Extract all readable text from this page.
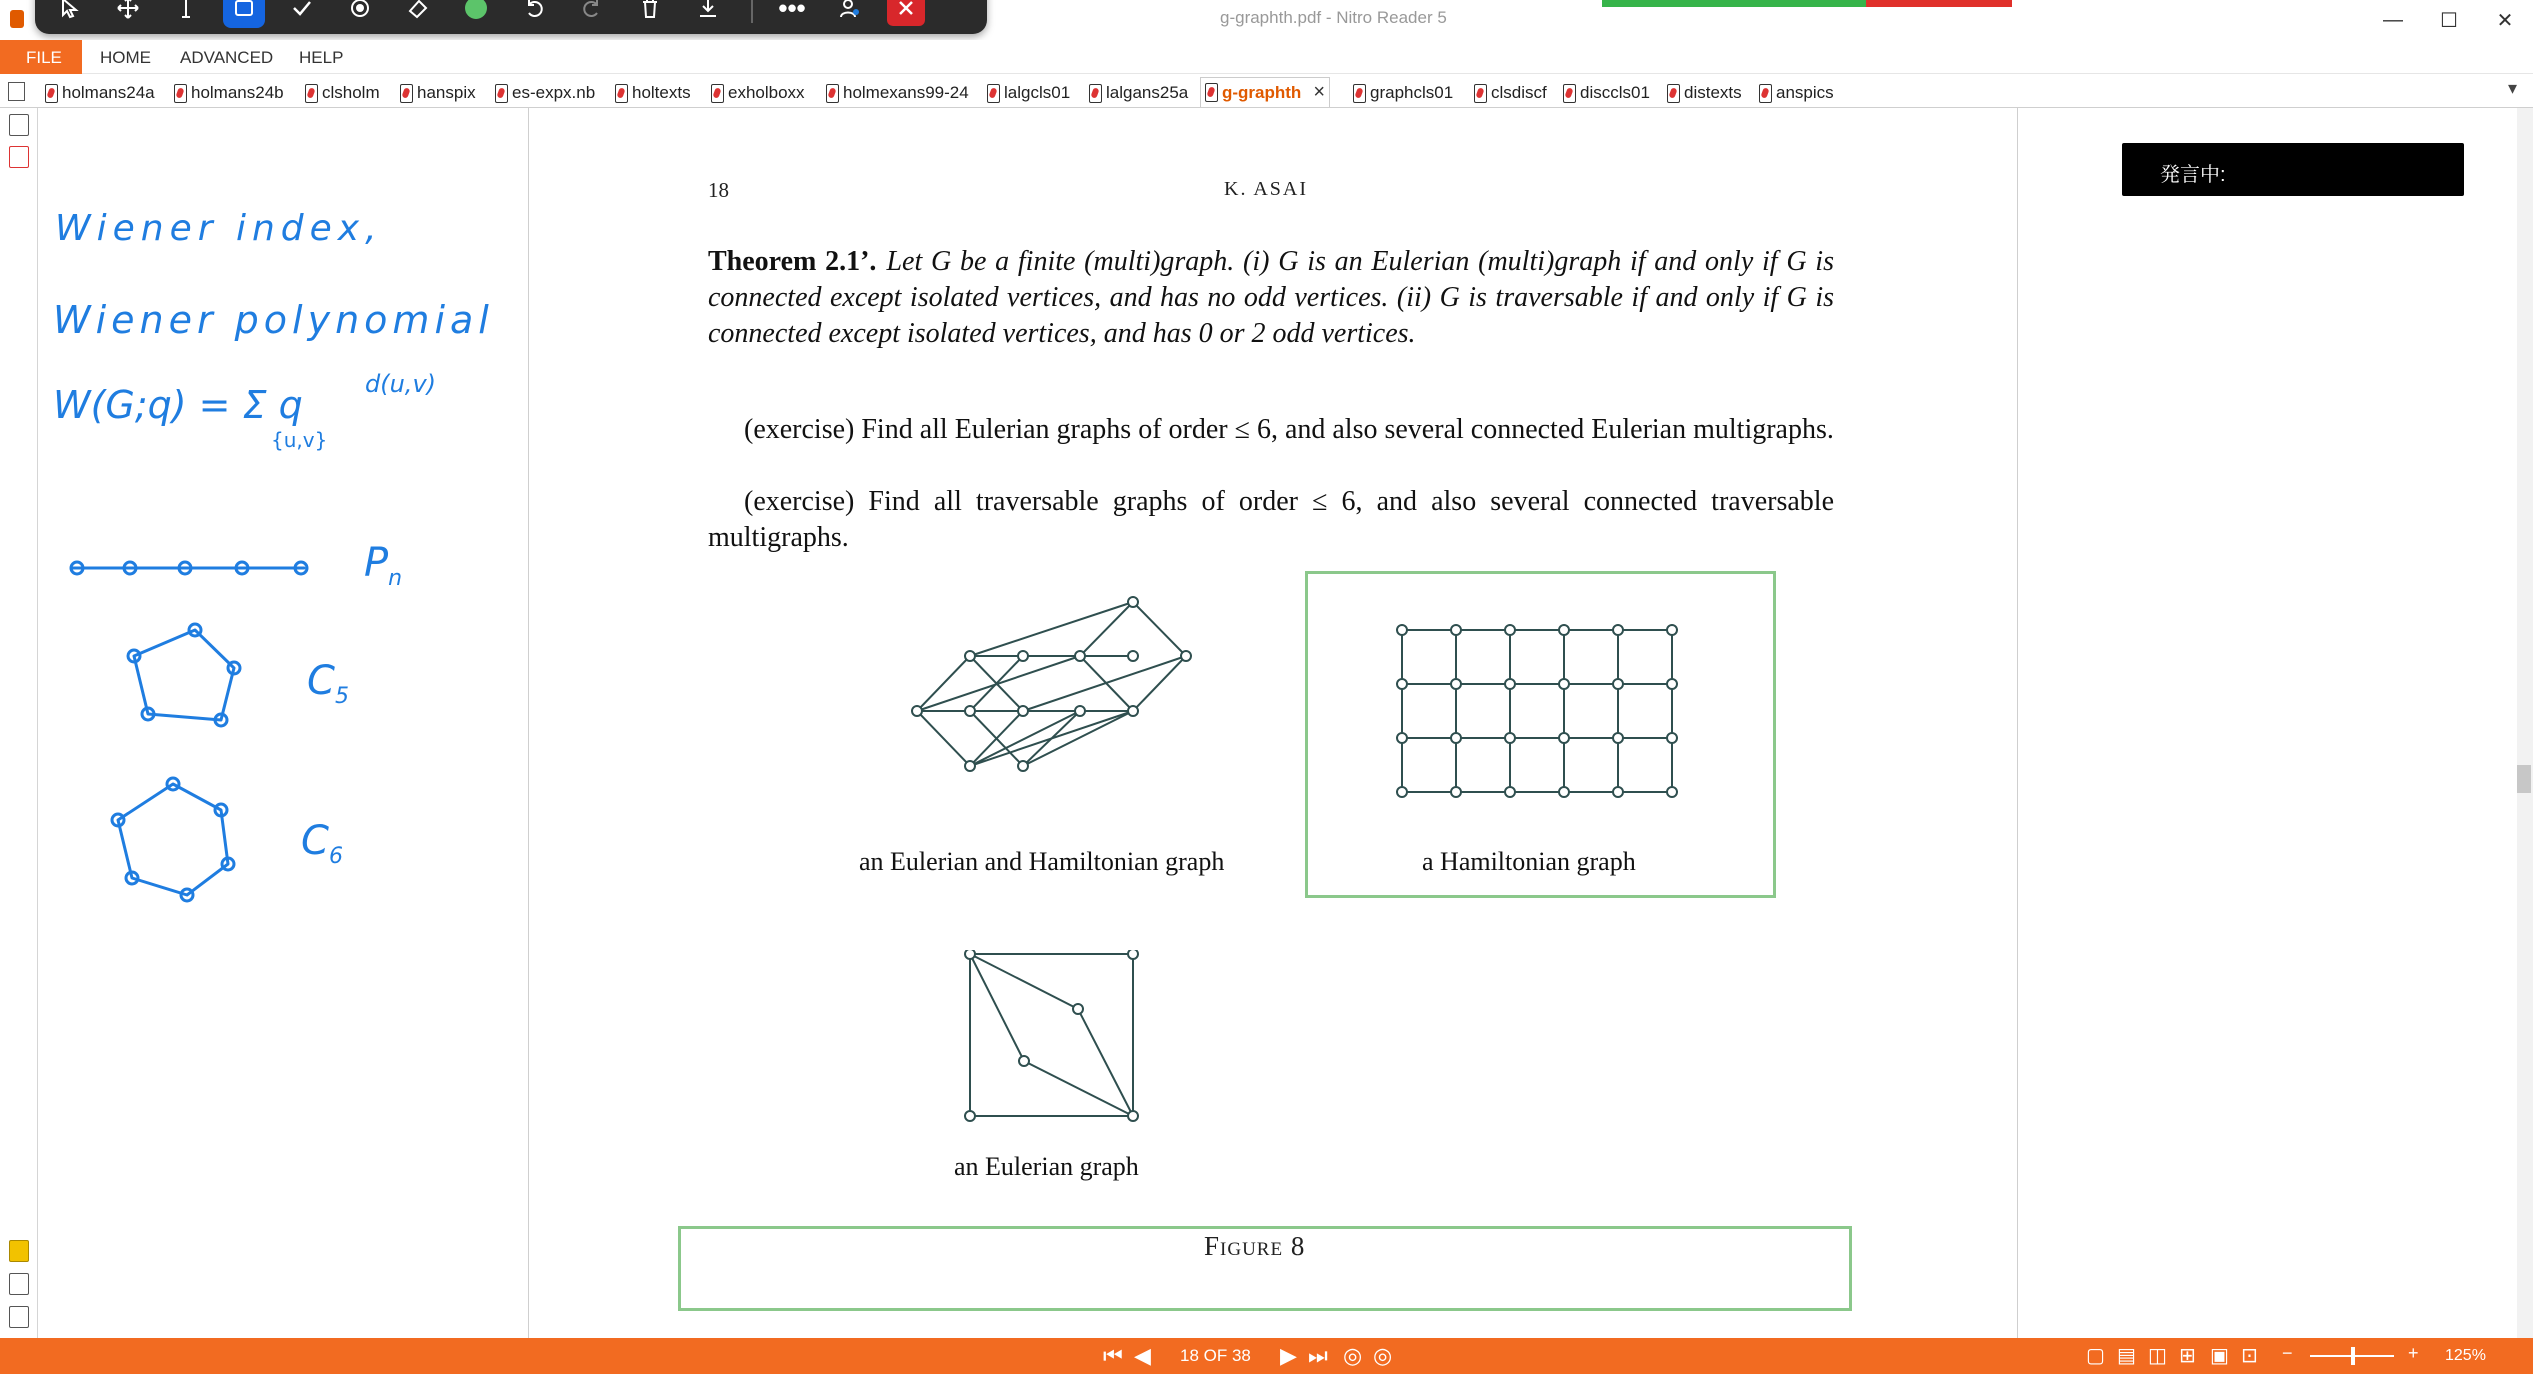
g-graphth.pdf - Nitro Reader 5	—	☐	✕
•••
HOME ADVANCED HELP
FILE
holmans24a holmans24b clsholm hanspix es-expx.nb holtexts exholboxx holmexans99-24 lalgcls01 lalgans25a g-graphth ×	graphcls01 clsdiscf disccls01 distexts anspics	▾
Wiener index,
Wiener polynomial
W(G;q) = Σ q	d(u,v)
{u,v}
$P_n$
$C_5$
$C_6$
18	K. ASAI
Theorem 2.1’. Let G be a finite (multi)graph. (i) G is an Eulerian (multi)graph if and only if G is connected except isolated vertices, and has no odd vertices. (ii) G is traversable if and only if G is connected except isolated vertices, and has 0 or 2 odd vertices.
(exercise) Find all Eulerian graphs of order ≤ 6, and also several connected Eulerian multigraphs.
(exercise) Find all traversable graphs of order ≤ 6, and also several connected traversable multigraphs.
an Eulerian and Hamiltonian graph	a Hamiltonian graph
an Eulerian graph
Figure 8
発言中:
⏮ ◀ 18 OF 38 ▶ ⏭ ◎ ◎	▢ ▤ ◫ ⊞ ▣ ⊡ −	+ 125%
